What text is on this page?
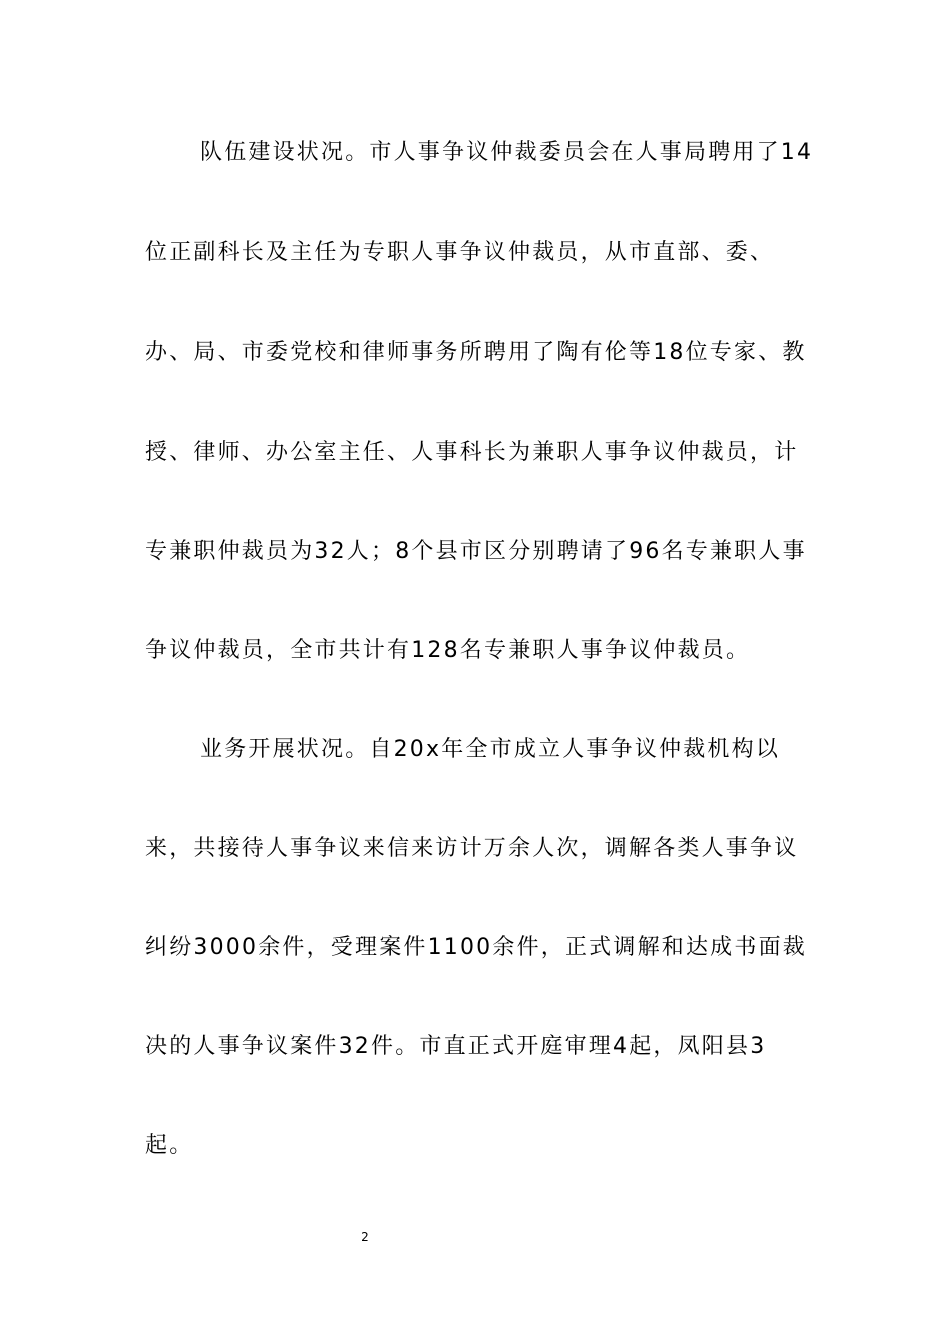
队伍建设状况。市人事争议仲裁委员会在人事局聘用了14
位正副科长及主任为专职人事争议仲裁员，从市直部、委、
办、局、市委党校和律师事务所聘用了陶有伦等18位专家、教
授、律师、办公室主任、人事科长为兼职人事争议仲裁员，计
专兼职仲裁员为32人；8个县市区分别聘请了96名专兼职人事
争议仲裁员，全市共计有128名专兼职人事争议仲裁员。
业务开展状况。自20x年全市成立人事争议仲裁机构以
来，共接待人事争议来信来访计万余人次，调解各类人事争议
纠纷3000余件，受理案件1100余件，正式调解和达成书面裁
决的人事争议案件32件。市直正式开庭审理4起，凤阳县3
起。
2
